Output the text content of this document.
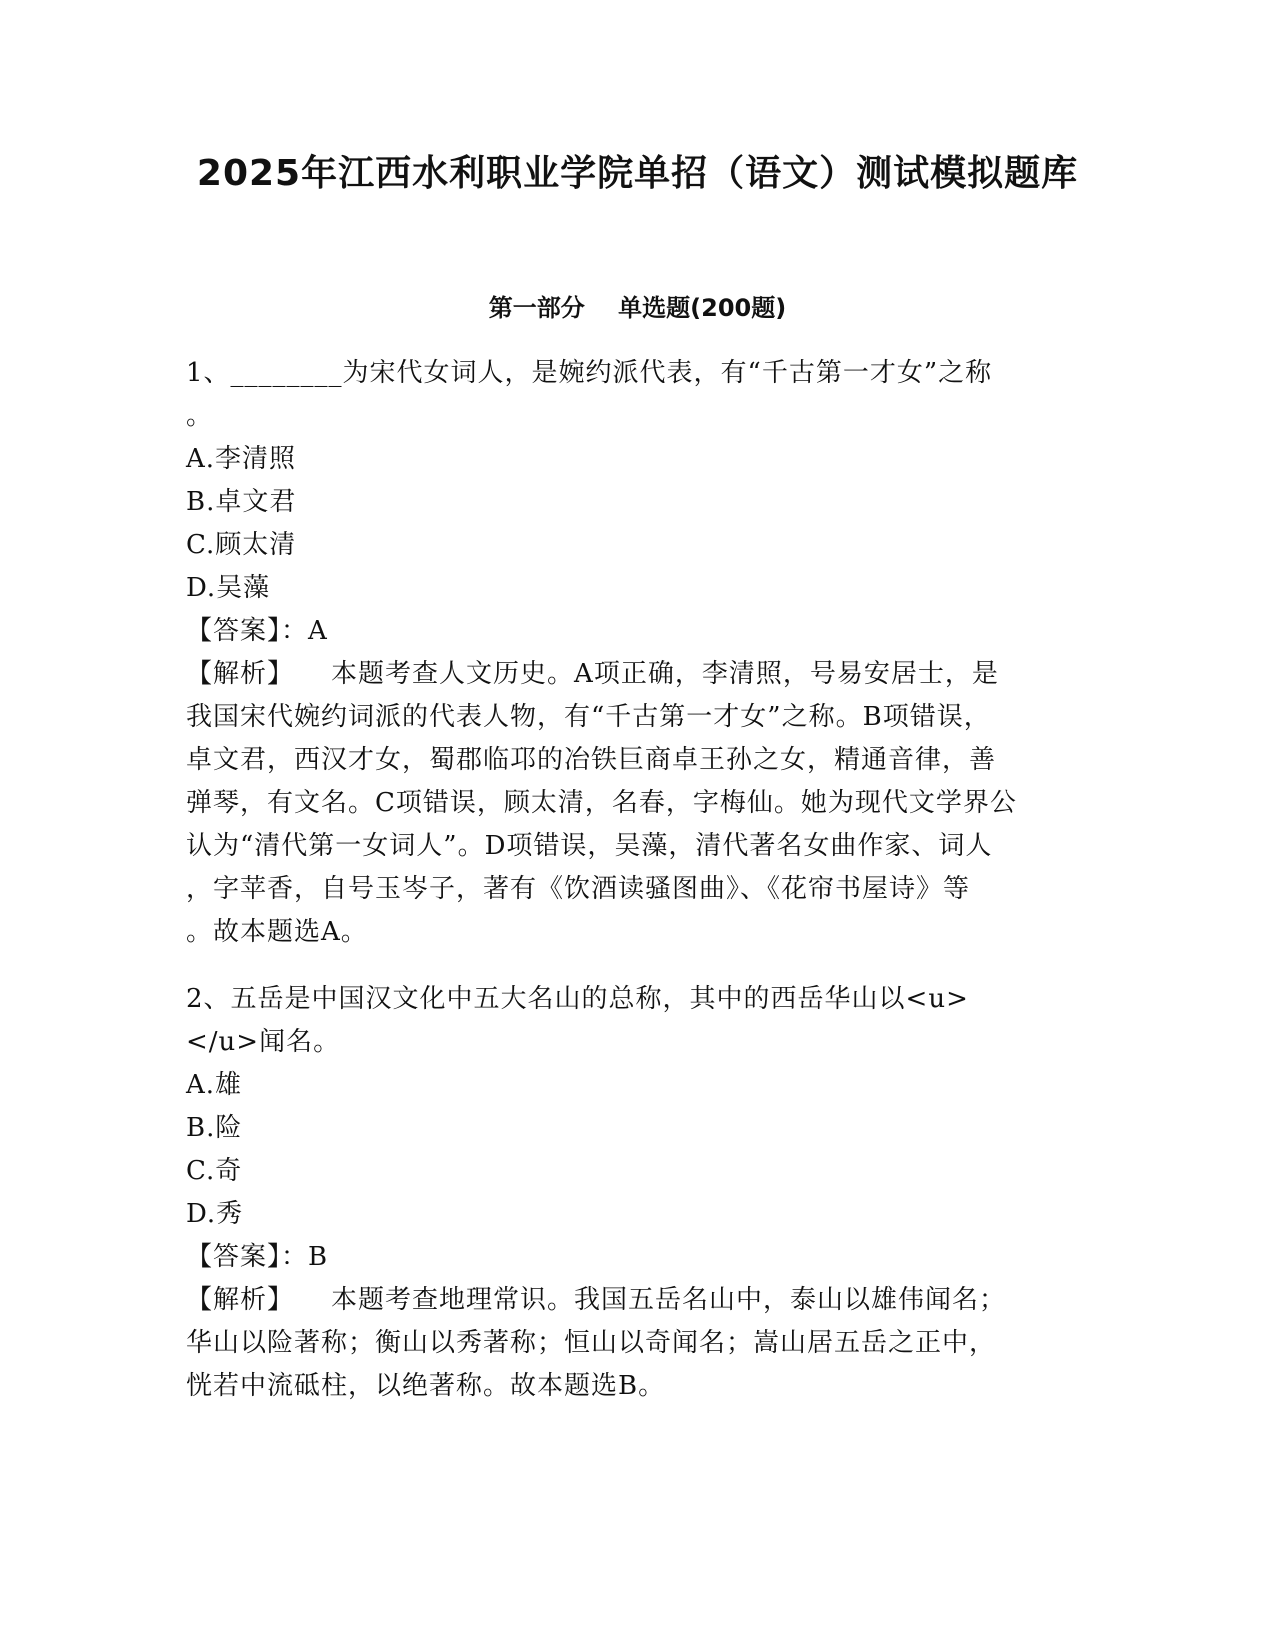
2025年江西水利职业学院单招（语文）测试模拟题库
第一部分    单选题(200题)
1、________为宋代女词人，是婉约派代表，有“千古第一才女”之称
。
A.李清照
B.卓文君
C.顾太清
D.吴藻
【答案】：A
【解析】    本题考查人文历史。A项正确，李清照，号易安居士，是
我国宋代婉约词派的代表人物，有“千古第一才女”之称。B项错误，
卓文君，西汉才女，蜀郡临邛的冶铁巨商卓王孙之女，精通音律，善
弹琴，有文名。C项错误，顾太清，名春，字梅仙。她为现代文学界公
认为“清代第一女词人”。D项错误，吴藻，清代著名女曲作家、词人
，字苹香，自号玉岑子，著有《饮酒读骚图曲》、《花帘书屋诗》等
。故本题选A。
2、五岳是中国汉文化中五大名山的总称，其中的西岳华山以<u>
</u>闻名。
A.雄
B.险
C.奇
D.秀
【答案】：B
【解析】    本题考查地理常识。我国五岳名山中，泰山以雄伟闻名；
华山以险著称；衡山以秀著称；恒山以奇闻名；嵩山居五岳之正中，
恍若中流砥柱，以绝著称。故本题选B。
